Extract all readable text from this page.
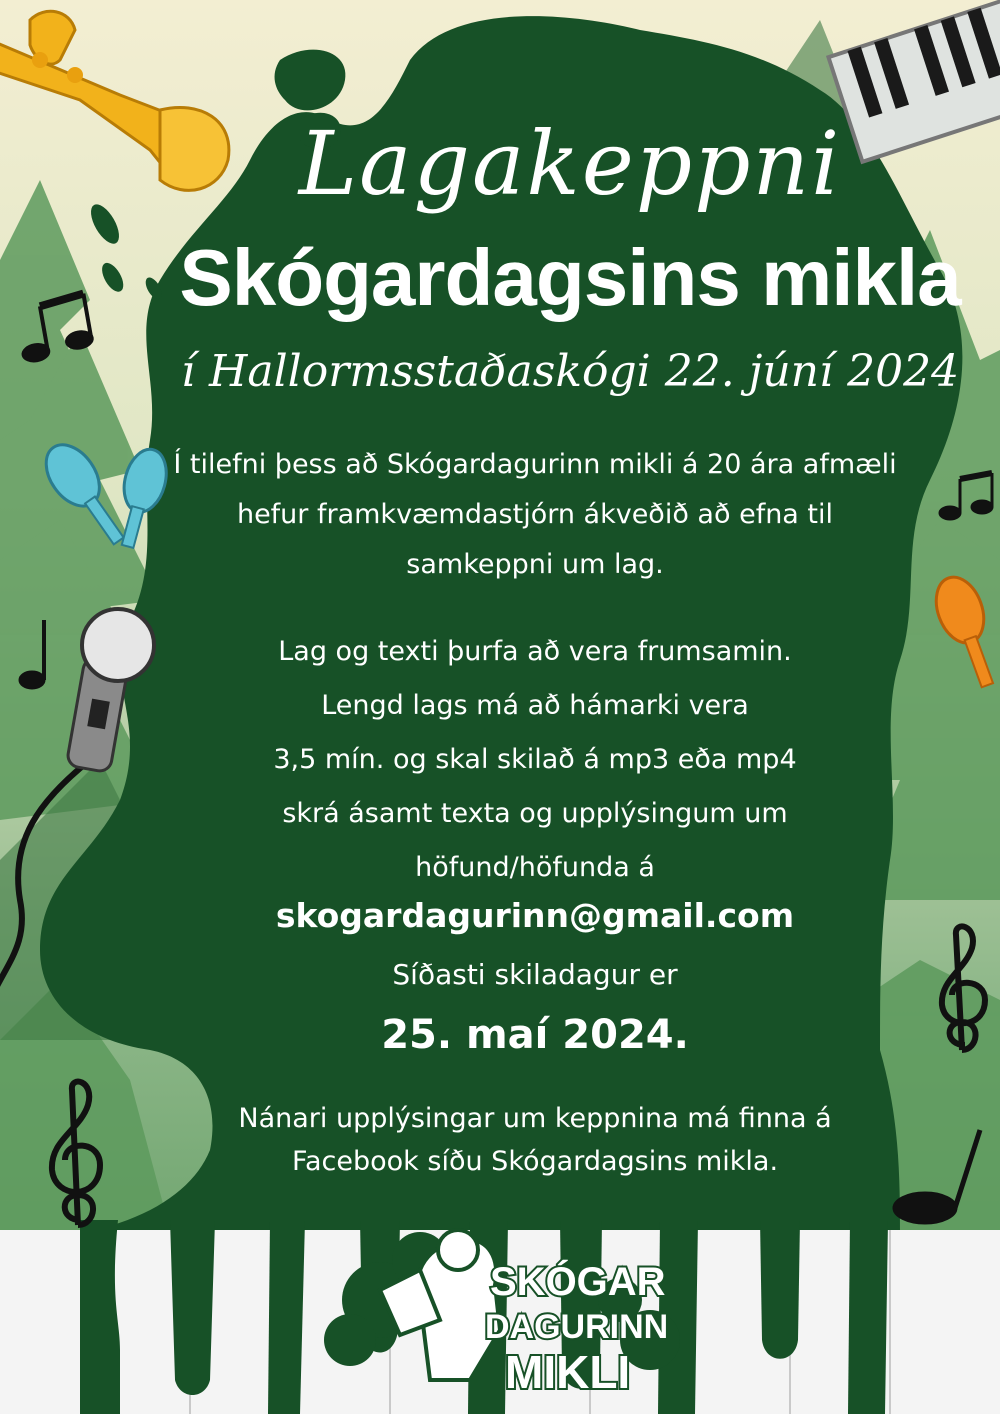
Lagakeppni
Skógardagsins mikla
í Hallormsstaðaskógi 22. júní 2024
Í tilefni þess að Skógardagurinn mikli á 20 ára afmæli
hefur framkvæmdastjórn ákveðið að efna til
samkeppni um lag.
Lag og texti þurfa að vera frumsamin.
Lengd lags má að hámarki vera
3,5 mín. og skal skilað á mp3 eða mp4
skrá ásamt texta og upplýsingum um
höfund/höfunda á
skogardagurinn@gmail.com
Síðasti skiladagur er
25. maí 2024.
Nánari upplýsingar um keppnina má finna á
Facebook síðu Skógardagsins mikla.
SKÓGAR
DAGURINN
MIKLI
